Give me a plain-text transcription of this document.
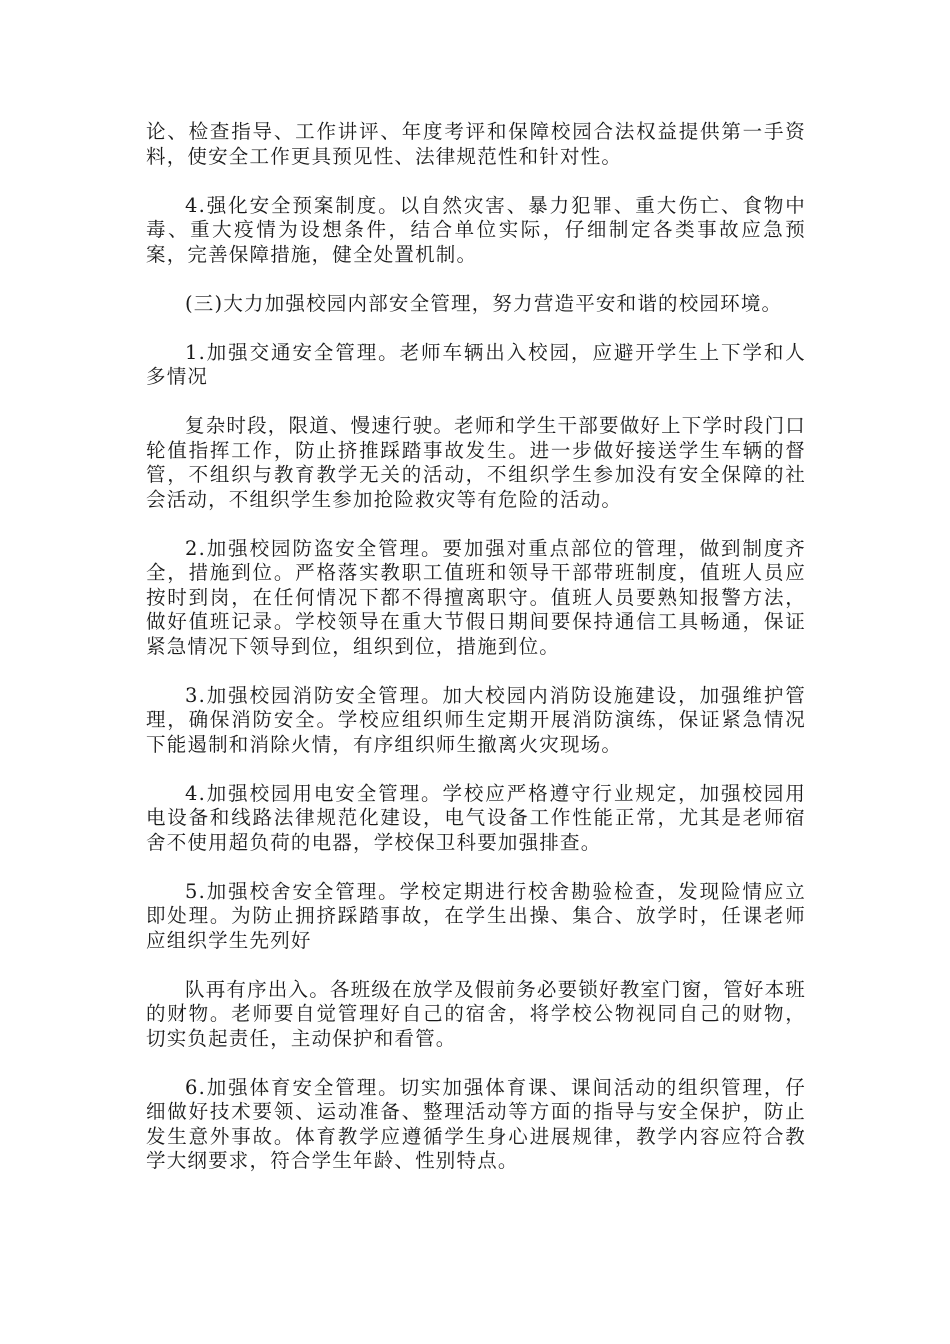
论、检查指导、工作讲评、年度考评和保障校园合法权益提供第一手资料，使安全工作更具预见性、法律规范性和针对性。

4.强化安全预案制度。以自然灾害、暴力犯罪、重大伤亡、食物中毒、重大疫情为设想条件，结合单位实际，仔细制定各类事故应急预案，完善保障措施，健全处置机制。

(三)大力加强校园内部安全管理，努力营造平安和谐的校园环境。

1.加强交通安全管理。老师车辆出入校园，应避开学生上下学和人多情况

复杂时段，限道、慢速行驶。老师和学生干部要做好上下学时段门口轮值指挥工作，防止挤推踩踏事故发生。进一步做好接送学生车辆的督管，不组织与教育教学无关的活动，不组织学生参加没有安全保障的社会活动，不组织学生参加抢险救灾等有危险的活动。

2.加强校园防盗安全管理。要加强对重点部位的管理，做到制度齐全，措施到位。严格落实教职工值班和领导干部带班制度，值班人员应按时到岗，在任何情况下都不得擅离职守。值班人员要熟知报警方法，做好值班记录。学校领导在重大节假日期间要保持通信工具畅通，保证紧急情况下领导到位，组织到位，措施到位。

3.加强校园消防安全管理。加大校园内消防设施建设，加强维护管理，确保消防安全。学校应组织师生定期开展消防演练，保证紧急情况下能遏制和消除火情，有序组织师生撤离火灾现场。

4.加强校园用电安全管理。学校应严格遵守行业规定，加强校园用电设备和线路法律规范化建设，电气设备工作性能正常，尤其是老师宿舍不使用超负荷的电器，学校保卫科要加强排查。

5.加强校舍安全管理。学校定期进行校舍勘验检查，发现险情应立即处理。为防止拥挤踩踏事故，在学生出操、集合、放学时，任课老师应组织学生先列好

队再有序出入。各班级在放学及假前务必要锁好教室门窗，管好本班的财物。老师要自觉管理好自己的宿舍，将学校公物视同自己的财物，切实负起责任，主动保护和看管。

6.加强体育安全管理。切实加强体育课、课间活动的组织管理，仔细做好技术要领、运动准备、整理活动等方面的指导与安全保护，防止发生意外事故。体育教学应遵循学生身心进展规律，教学内容应符合教学大纲要求，符合学生年龄、性别特点。
